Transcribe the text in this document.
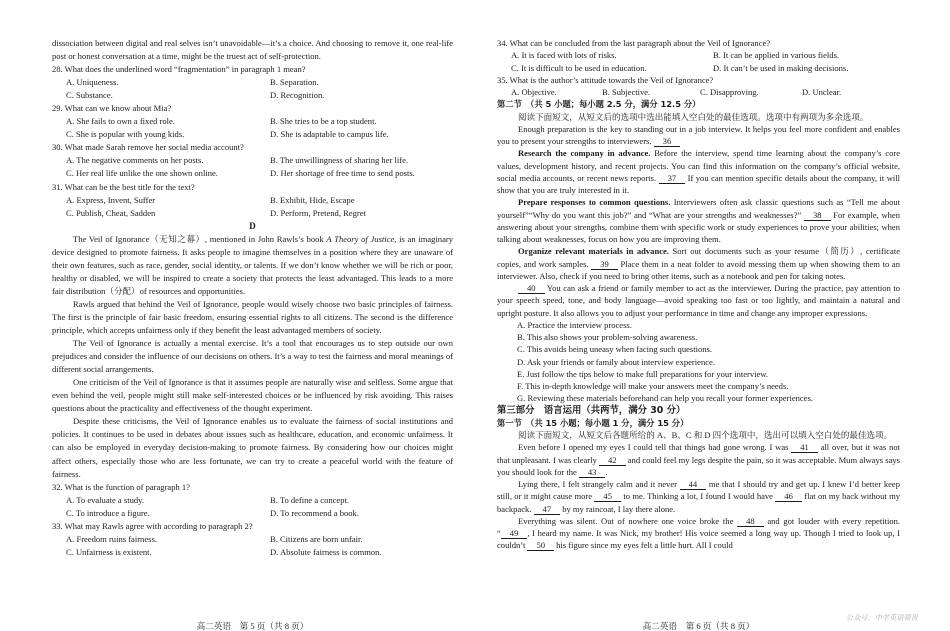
dissociation between digital and real selves isn’t unavoidable—it’s a choice. And choosing to remove it, one real-life post or honest conversation at a time, might be the truest act of self-protection.

28. What does the underlined word “fragmentation” in paragraph 1 mean?

A. Uniqueness.	B. Separation.
C. Substance.	D. Recognition.

29. What can we know about Mia?

A. She fails to own a fixed role.	B. She tries to be a top student.
C. She is popular with young kids.	D. She is adaptable to campus life.

30. What made Sarah remove her social media account?

A. The negative comments on her posts.	B. The unwillingness of sharing her life.
C. Her real life unlike the one shown online.	D. Her shortage of free time to send posts.

31. What can be the best title for the text?

A. Express, Invent, Suffer	B. Exhibit, Hide, Escape
C. Publish, Cheat, Sadden	D. Perform, Pretend, Regret

D

The Veil of Ignorance（无知之幕）, mentioned in John Rawls’s book A Theory of Justice, is an imaginary device designed to promote fairness. It asks people to imagine themselves in a position where they are unaware of their own features, such as race, gender, social identity, or talents. If we don’t know whether we will be rich or poor, healthy or disabled, we will be inspired to create a society that protects the least advantaged. This leads to a more fair distribution（分配）of resources and opportunities.

Rawls argued that behind the Veil of Ignorance, people would wisely choose two basic principles of fairness. The first is the principle of fair basic freedom, ensuring essential rights to all citizens. The second is the difference principle, which accepts unfairness only if they benefit the least advantaged members of society.

The Veil of Ignorance is actually a mental exercise. It’s a tool that encourages us to step outside our own prejudices and consider the influence of our decisions on others. It’s a way to test the fairness and moral meanings of different social arrangements.

One criticism of the Veil of Ignorance is that it assumes people are naturally wise and selfless. Some argue that even behind the veil, people might still make self-interested choices or be influenced by risk avoiding. This raises questions about the practicality and effectiveness of the thought experiment.

Despite these criticisms, the Veil of Ignorance enables us to evaluate the fairness of social institutions and policies. It continues to be used in debates about issues such as healthcare, education, and economic unfairness. It can also be employed in everyday decision-making to promote fairness. By considering how our choices might affect others, especially those who are less fortunate, we can try to create a peaceful world with the feature of fairness.

32. What is the function of paragraph 1?

A. To evaluate a study.	B. To define a concept.
C. To introduce a figure.	D. To recommend a book.

33. What may Rawls agree with according to paragraph 2?

A. Freedom ruins fairness.	B. Citizens are born unfair.
C. Unfairness is existent.	D. Absolute fairness is common.

34. What can be concluded from the last paragraph about the Veil of Ignorance?

A. It is faced with lots of risks.	B. It can be applied in various fields.
C. It is difficult to be used in education.	D. It can’t be used in making decisions.

35. What is the author’s attitude towards the Veil of Ignorance?

A. Objective.	B. Subjective.	C. Disapproving.	D. Unclear.

第二节　（共 5 小题；每小题 2.5 分，满分 12.5 分）

阅读下面短文，从短文后的选项中选出能填入空白处的最佳选项。选项中有两项为多余选项。

Enough preparation is the key to standing out in a job interview. It helps you feel more confident and enables you to present your strengths to interviewers. 36

Research the company in advance. Before the interview, spend time learning about the company’s core values, development history, and recent projects. You can find this information on the company’s official website, social media accounts, or recent news reports. 37 If you can mention specific details about the company, it will show that you are truly interested in it.

Prepare responses to common questions. Interviewers often ask classic questions such as “Tell me about yourself”“Why do you want this job?” and “What are your strengths and weaknesses?” 38 For example, when answering about your strengths, combine them with specific work or study experiences to prove your abilities; when talking about weaknesses, focus on how you are improving them.

Organize relevant materials in advance. Sort out documents such as your resume（简历）, certificate copies, and work samples. 39 Place them in a neat folder to avoid messing them up when showing them to an interviewer. Also, check if you need to bring other items, such as a notebook and pen for taking notes.

40 You can ask a friend or family member to act as the interviewer. During the practice, pay attention to your speech speed, tone, and body language—avoid speaking too fast or too lightly, and maintain a natural and upright posture. It also allows you to adjust your performance in time and change any improper expressions.

A. Practice the interview process.

B. This also shows your problem-solving awareness.

C. This avoids being uneasy when facing such questions.

D. Ask your friends or family about interview experience.

E. Just follow the tips below to make full preparations for your interview.

F. This in-depth knowledge will make your answers meet the company’s needs.

G. Reviewing these materials beforehand can help you recall your former experiences.

第三部分　语言运用（共两节，满分 30 分）

第一节　（共 15 小题；每小题 1 分，满分 15 分）

阅读下面短文，从短文后各题所给的 A、B、C 和 D 四个选项中，选出可以填入空白处的最佳选项。

Even before I opened my eyes I could tell that things had gone wrong. I was 41 all over, but it was not that unpleasant. I was clearly 42 and could feel my legs despite the pain, so it was acceptable. Mum always says you should look for the 43 .

Lying there, I felt strangely calm and it never 44 me that I should try and get up. I knew I’d better keep still, or it might cause more 45 to me. Thinking a lot, I found I would have 46 flat on my back without my backpack. 47 by my raincoat, I lay there alone.

Everything was silent. Out of nowhere one voice broke the 48 and got louder with every repetition. “ 49 , I heard my name. It was Nick, my brother! His voice seemed a long way up. Though I tried to look up, I couldn’t 50 his figure since my eyes felt a little hurt. All I could

高二英语　第 5 页（共 8 页）	高二英语　第 6 页（共 8 页）
公众号：中学英语领世
